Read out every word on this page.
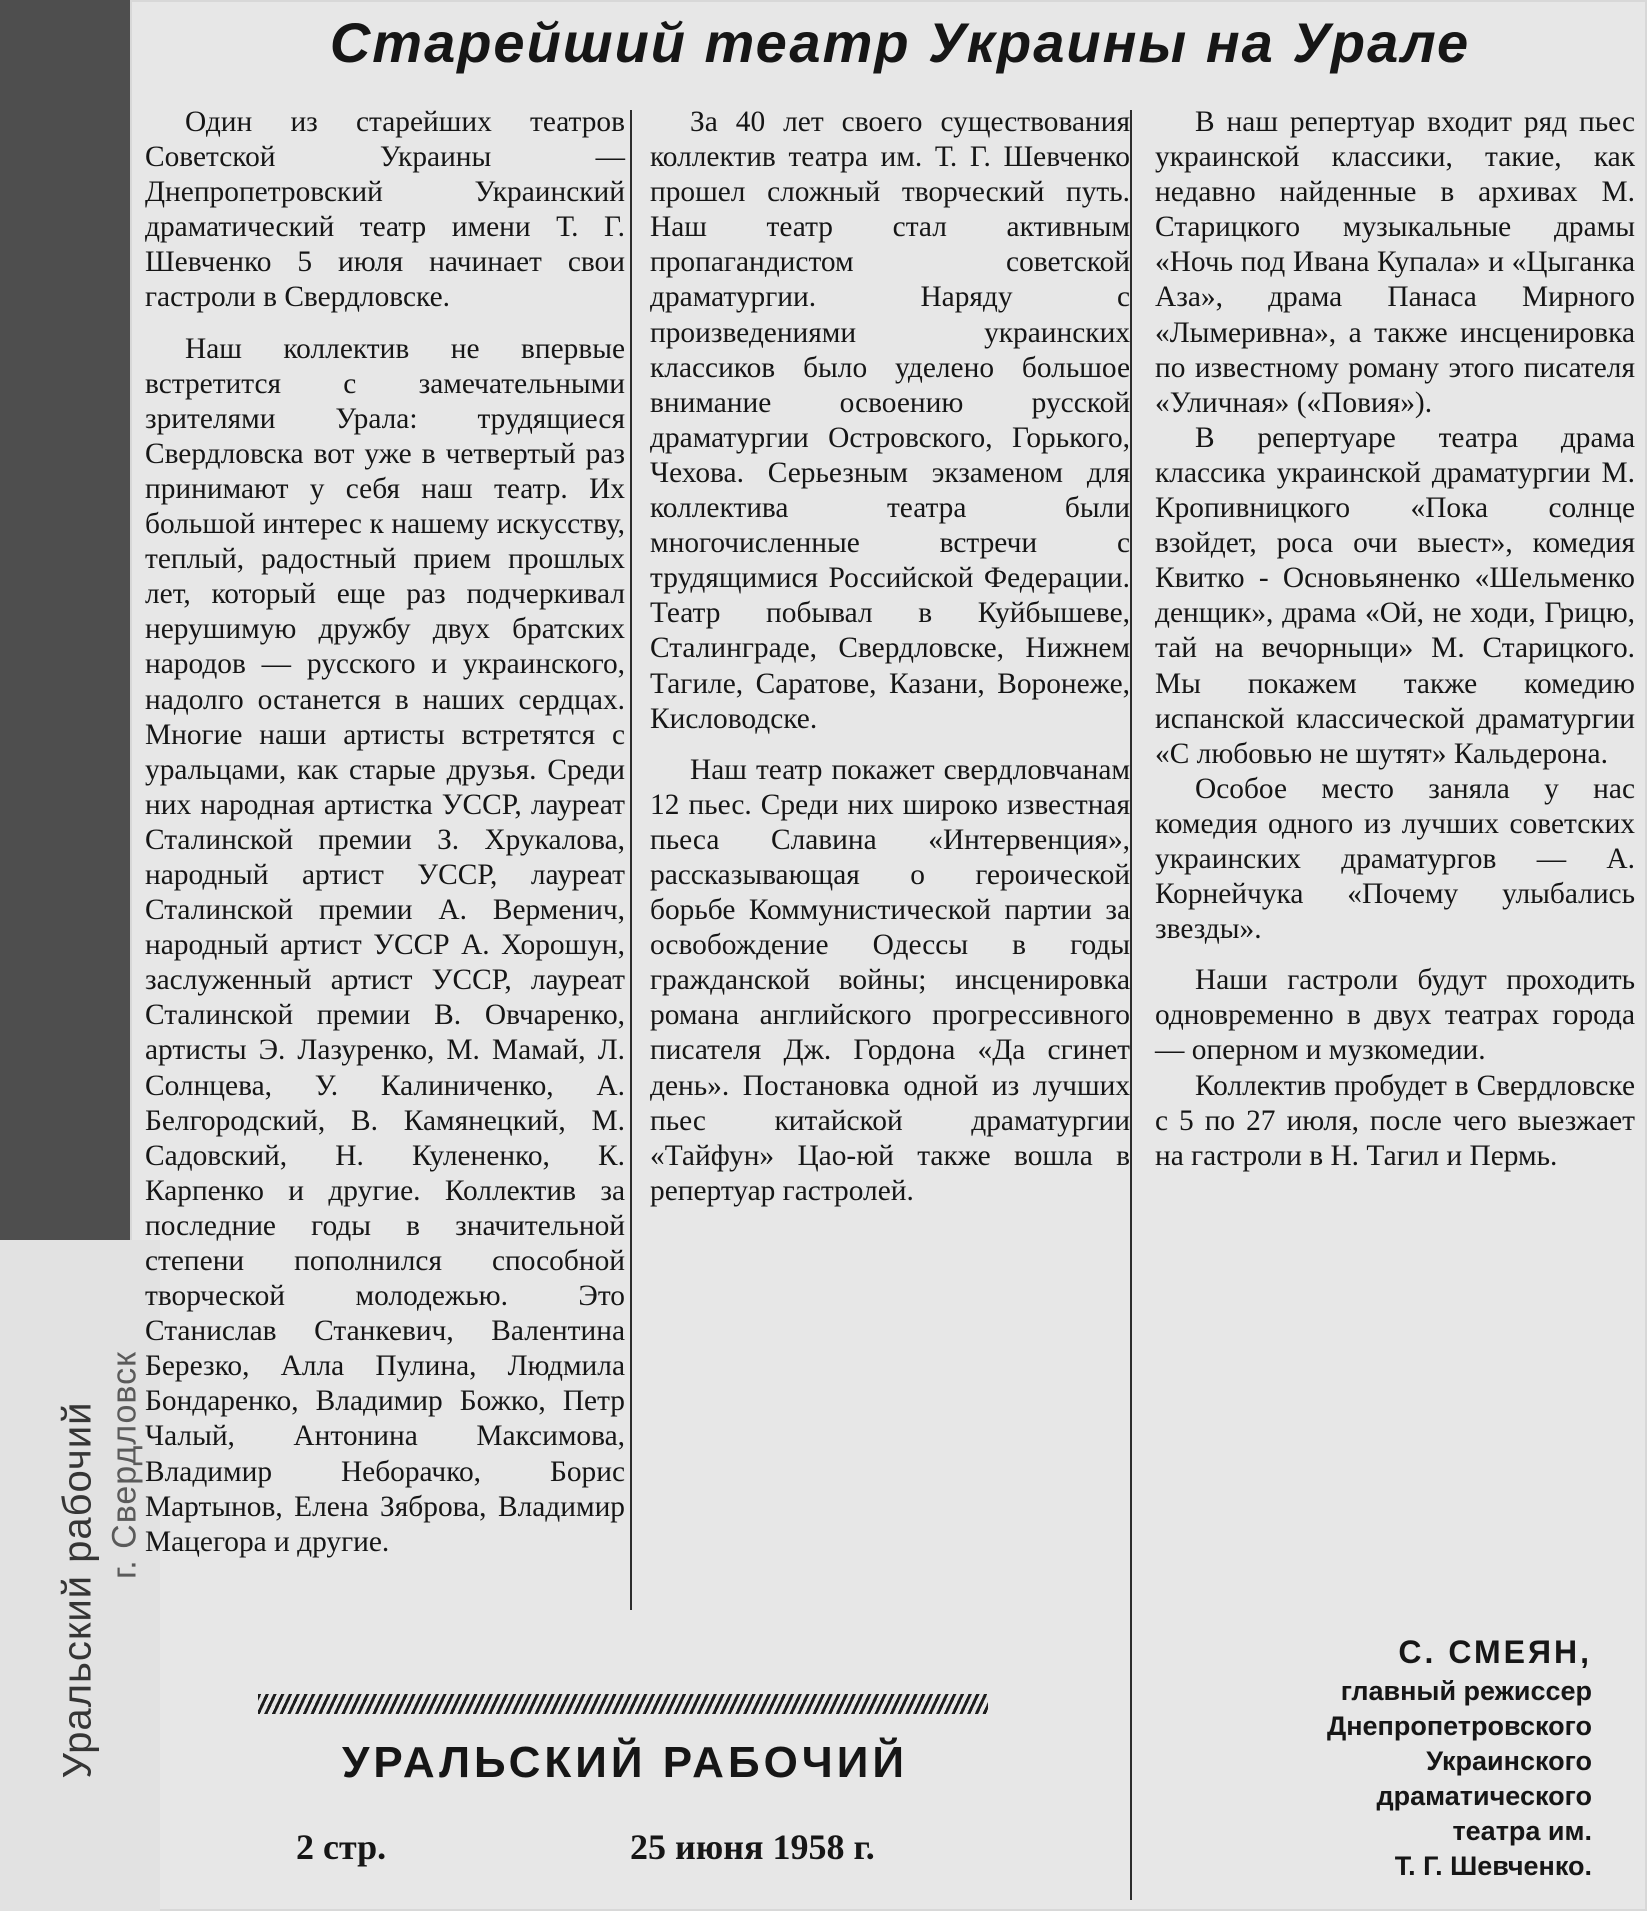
Уральский рабочий г. Свердловск
Старейший театр Украины на Урале

Один из старейших театров Советской Украины — Днепропетровский Украинский драматический театр имени Т. Г. Шевченко 5 июля начинает свои гастроли в Свердловске.

Наш коллектив не впервые встретится с замечательными зрителями Урала: трудящиеся Свердловска вот уже в четвертый раз принимают у себя наш театр. Их большой интерес к нашему искусству, теплый, радостный прием прошлых лет, который еще раз подчеркивал нерушимую дружбу двух братских народов — русского и украинского, надолго останется в наших сердцах. Многие наши артисты встретятся с уральцами, как старые друзья. Среди них народная артистка УССР, лауреат Сталинской премии З. Хрукалова, народный артист УССР, лауреат Сталинской премии А. Верменич, народный артист УССР А. Хорошун, заслуженный артист УССР, лауреат Сталинской премии В. Овчаренко, артисты Э. Лазуренко, М. Мамай, Л. Солнцева, У. Калиниченко, А. Белгородский, В. Камянецкий, М. Садовский, Н. Кулененко, К. Карпенко и другие. Коллектив за последние годы в значительной степени пополнился способной творческой молодежью. Это Станислав Станкевич, Валентина Березко, Алла Пулина, Людмила Бондаренко, Владимир Божко, Петр Чалый, Антонина Максимова, Владимир Неборачко, Борис Мартынов, Елена Зяброва, Владимир Мацегора и другие.

За 40 лет своего существования коллектив театра им. Т. Г. Шевченко прошел сложный творческий путь. Наш театр стал активным пропагандистом советской драматургии. Наряду с произведениями украинских классиков было уделено большое внимание освоению русской драматургии Островского, Горького, Чехова. Серьезным экзаменом для коллектива театра были многочисленные встречи с трудящимися Российской Федерации. Театр побывал в Куйбышеве, Сталинграде, Свердловске, Нижнем Тагиле, Саратове, Казани, Воронеже, Кисловодске.

Наш театр покажет свердловчанам 12 пьес. Среди них широко известная пьеса Славина «Интервенция», рассказывающая о героической борьбе Коммунистической партии за освобождение Одессы в годы гражданской войны; инсценировка романа английского прогрессивного писателя Дж. Гордона «Да сгинет день». Постановка одной из лучших пьес китайской драматургии «Тайфун» Цао-юй также вошла в репертуар гастролей.

В наш репертуар входит ряд пьес украинской классики, такие, как недавно найденные в архивах М. Старицкого музыкальные драмы «Ночь под Ивана Купала» и «Цыганка Аза», драма Панаса Мирного «Лымеривна», а также инсценировка по известному роману этого писателя «Уличная» («Повия»).

В репертуаре театра драма классика украинской драматургии М. Кропивницкого «Пока солнце взойдет, роса очи выест», комедия Квитко - Основьяненко «Шельменко денщик», драма «Ой, не ходи, Грицю, тай на вечорныци» М. Старицкого. Мы покажем также комедию испанской классической драматургии «С любовью не шутят» Кальдерона.

Особое место заняла у нас комедия одного из лучших советских украинских драматургов — А. Корнейчука «Почему улыбались звезды».

Наши гастроли будут проходить одновременно в двух театрах города — оперном и музкомедии.

Коллектив пробудет в Свердловске с 5 по 27 июля, после чего выезжает на гастроли в Н. Тагил и Пермь.

С. СМЕЯН,
главный режиссер
Днепропетровского
Украинского
драматического
театра им.
Т. Г. Шевченко.
УРАЛЬСКИЙ РАБОЧИЙ
2 стр.	25 июня 1958 г.
